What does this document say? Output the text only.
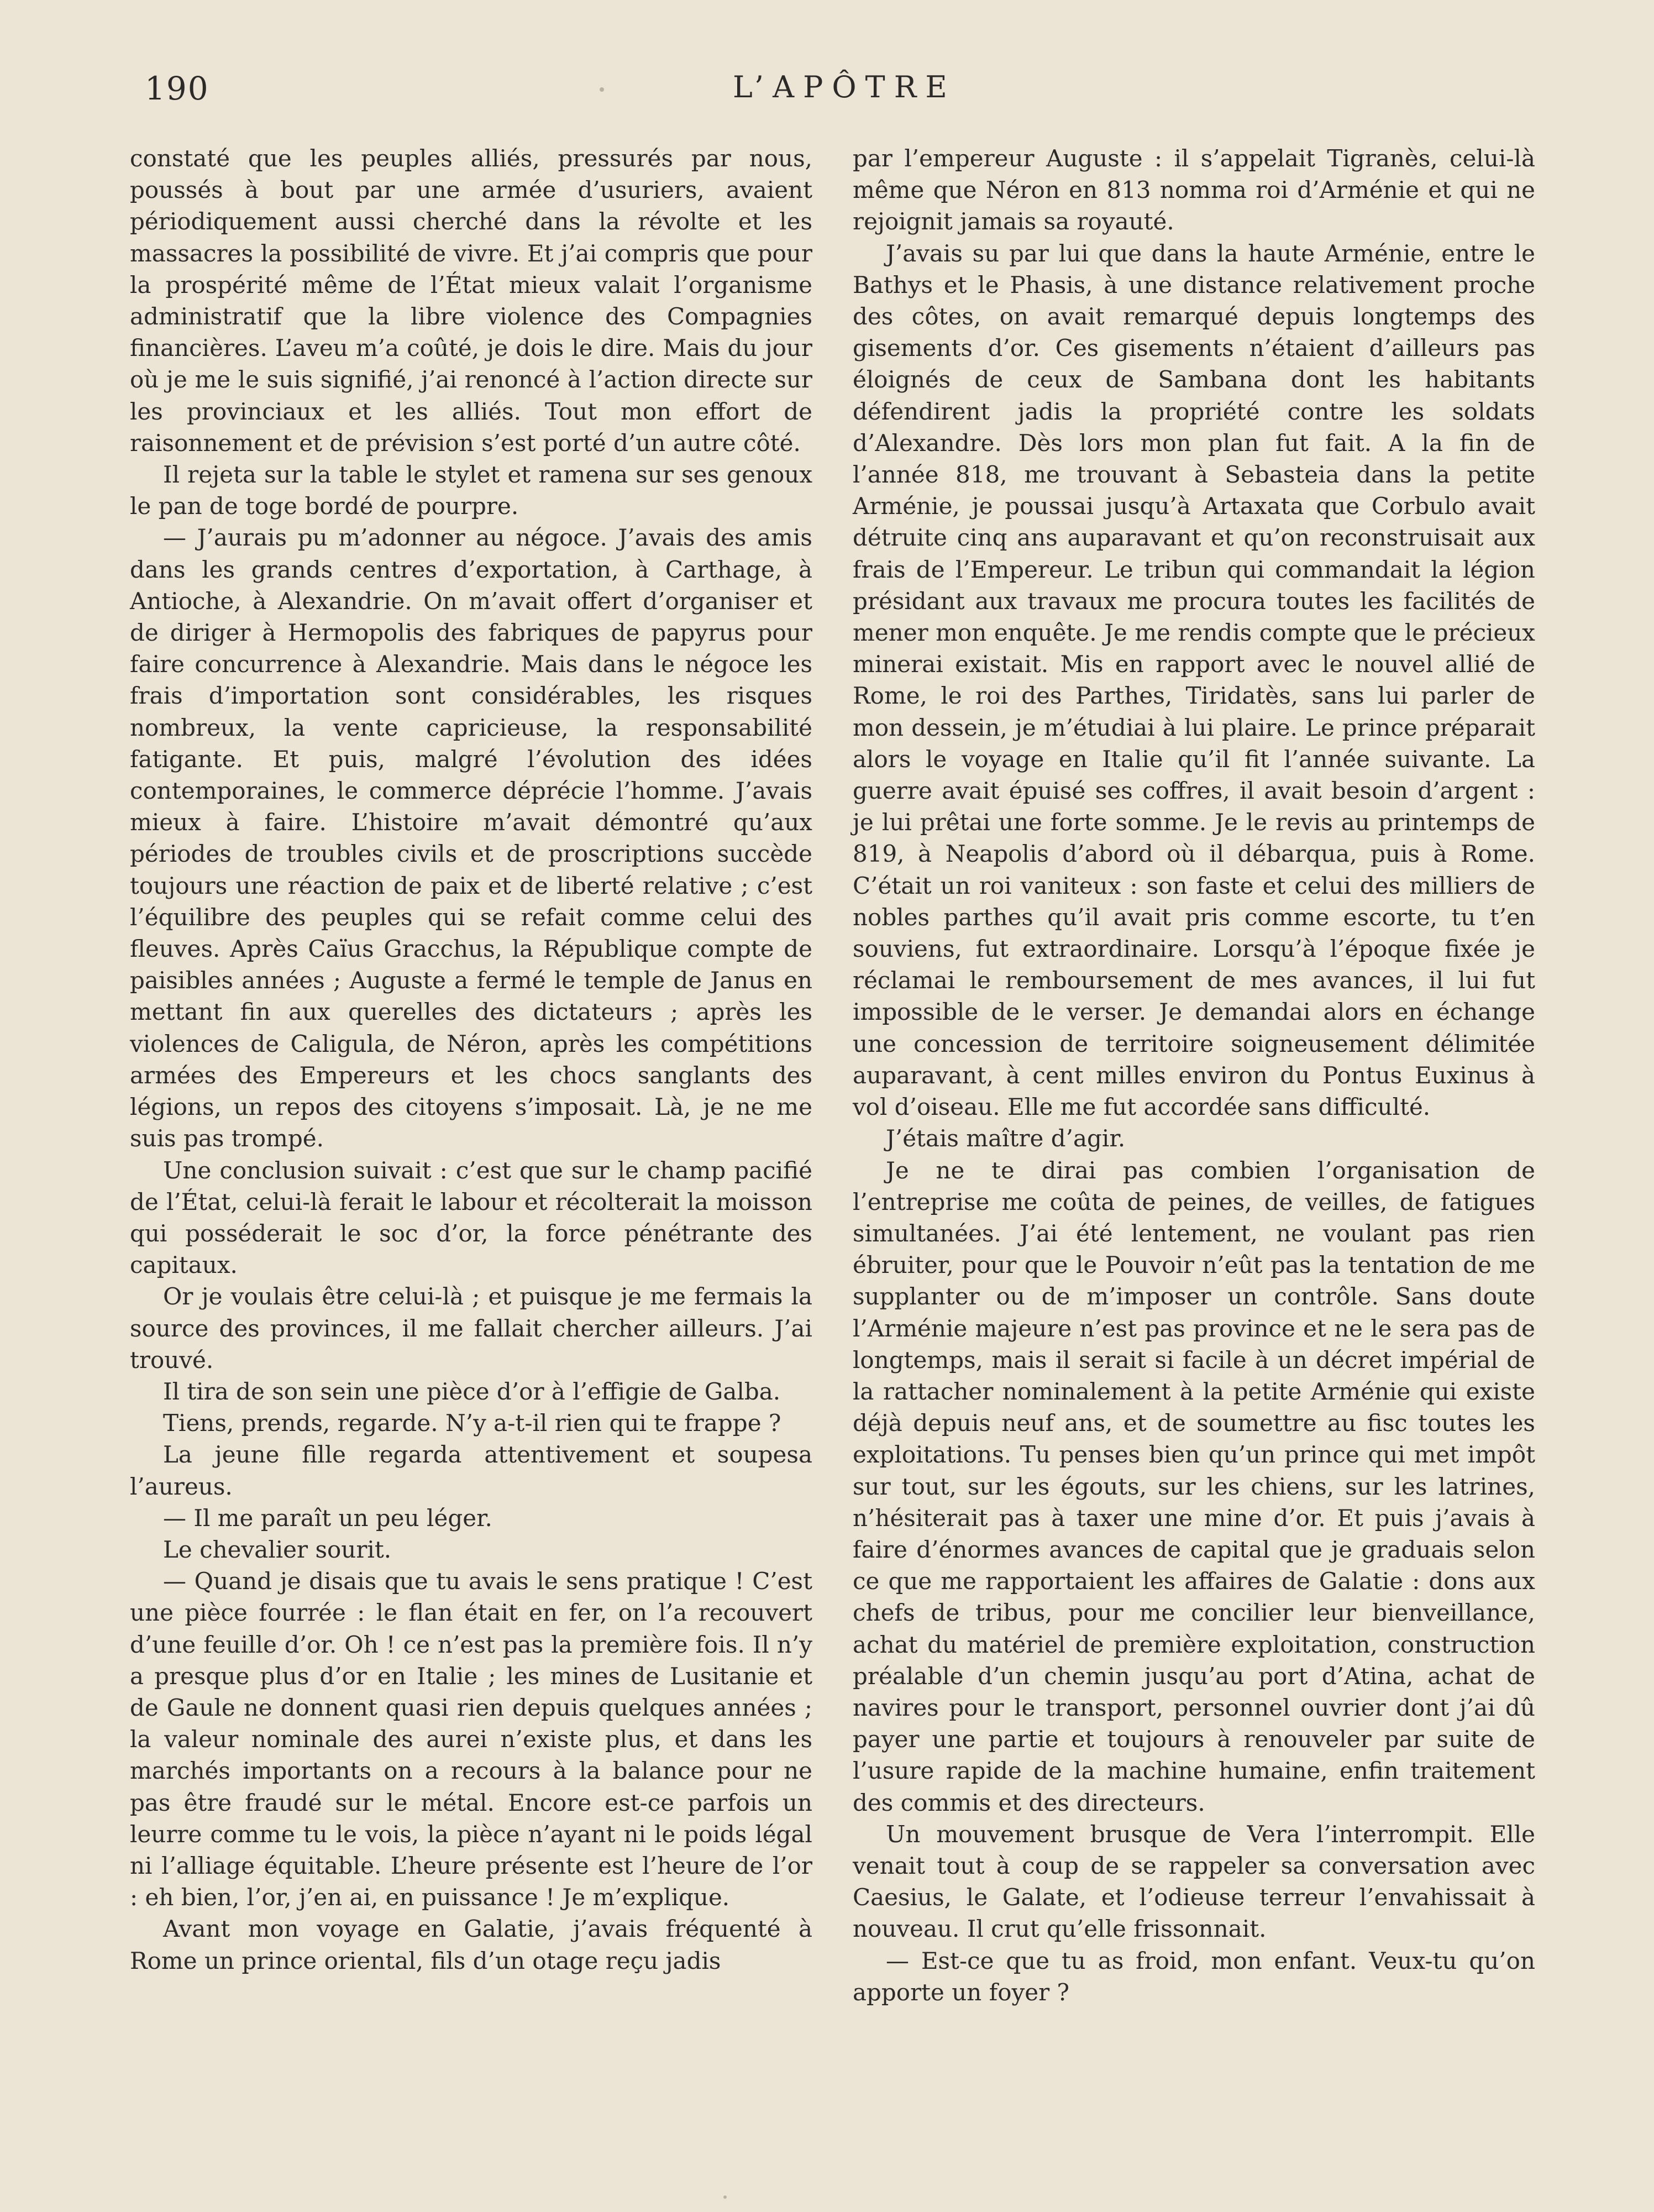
190	L’APÔTRE

constaté que les peuples alliés, pressurés par nous, poussés à bout par une armée d’usuriers, avaient périodiquement aussi cherché dans la révolte et les massacres la possibilité de vivre. Et j’ai compris que pour la prospérité même de l’État mieux valait l’organisme administratif que la libre violence des Compagnies financières. L’aveu m’a coûté, je dois le dire. Mais du jour où je me le suis signifié, j’ai renoncé à l’action directe sur les provinciaux et les alliés. Tout mon effort de raisonnement et de prévision s’est porté d’un autre côté.

Il rejeta sur la table le stylet et ramena sur ses genoux le pan de toge bordé de pourpre.

— J’aurais pu m’adonner au négoce. J’avais des amis dans les grands centres d’exportation, à Carthage, à Antioche, à Alexandrie. On m’avait offert d’organiser et de diriger à Hermopolis des fabriques de papyrus pour faire concurrence à Alexandrie. Mais dans le négoce les frais d’importation sont considérables, les risques nombreux, la vente capricieuse, la responsabilité fatigante. Et puis, malgré l’évolution des idées contemporaines, le commerce déprécie l’homme. J’avais mieux à faire. L’histoire m’avait démontré qu’aux périodes de troubles civils et de proscriptions succède toujours une réaction de paix et de liberté relative ; c’est l’équilibre des peuples qui se refait comme celui des fleuves. Après Caïus Gracchus, la République compte de paisibles années ; Auguste a fermé le temple de Janus en mettant fin aux querelles des dictateurs ; après les violences de Caligula, de Néron, après les compétitions armées des Empereurs et les chocs sanglants des légions, un repos des citoyens s’imposait. Là, je ne me suis pas trompé.

Une conclusion suivait : c’est que sur le champ pacifié de l’État, celui-là ferait le labour et récolterait la moisson qui posséderait le soc d’or, la force pénétrante des capitaux.

Or je voulais être celui-là ; et puisque je me fermais la source des provinces, il me fallait chercher ailleurs. J’ai trouvé.

Il tira de son sein une pièce d’or à l’effigie de Galba.

Tiens, prends, regarde. N’y a-t-il rien qui te frappe ?

La jeune fille regarda attentivement et soupesa l’aureus.

— Il me paraît un peu léger.

Le chevalier sourit.

— Quand je disais que tu avais le sens pratique ! C’est une pièce fourrée : le flan était en fer, on l’a recouvert d’une feuille d’or. Oh ! ce n’est pas la première fois. Il n’y a presque plus d’or en Italie ; les mines de Lusitanie et de Gaule ne donnent quasi rien depuis quelques années ; la valeur nominale des aurei n’existe plus, et dans les marchés importants on a recours à la balance pour ne pas être fraudé sur le métal. Encore est-ce parfois un leurre comme tu le vois, la pièce n’ayant ni le poids légal ni l’alliage équitable. L’heure présente est l’heure de l’or : eh bien, l’or, j’en ai, en puissance ! Je m’explique.

Avant mon voyage en Galatie, j’avais fréquenté à Rome un prince oriental, fils d’un otage reçu jadis

par l’empereur Auguste : il s’appelait Tigranès, celui-là même que Néron en 813 nomma roi d’Arménie et qui ne rejoignit jamais sa royauté.

J’avais su par lui que dans la haute Arménie, entre le Bathys et le Phasis, à une distance relativement proche des côtes, on avait remarqué depuis longtemps des gisements d’or. Ces gisements n’étaient d’ailleurs pas éloignés de ceux de Sambana dont les habitants défendirent jadis la propriété contre les soldats d’Alexandre. Dès lors mon plan fut fait. A la fin de l’année 818, me trouvant à Sebasteia dans la petite Arménie, je poussai jusqu’à Artaxata que Corbulo avait détruite cinq ans auparavant et qu’on reconstruisait aux frais de l’Empereur. Le tribun qui commandait la légion présidant aux travaux me procura toutes les facilités de mener mon enquête. Je me rendis compte que le précieux minerai existait. Mis en rapport avec le nouvel allié de Rome, le roi des Parthes, Tiridatès, sans lui parler de mon dessein, je m’étudiai à lui plaire. Le prince préparait alors le voyage en Italie qu’il fit l’année suivante. La guerre avait épuisé ses coffres, il avait besoin d’argent : je lui prêtai une forte somme. Je le revis au printemps de 819, à Neapolis d’abord où il débarqua, puis à Rome. C’était un roi vaniteux : son faste et celui des milliers de nobles parthes qu’il avait pris comme escorte, tu t’en souviens, fut extraordinaire. Lorsqu’à l’époque fixée je réclamai le remboursement de mes avances, il lui fut impossible de le verser. Je demandai alors en échange une concession de territoire soigneusement délimitée auparavant, à cent milles environ du Pontus Euxinus à vol d’oiseau. Elle me fut accordée sans difficulté.

J’étais maître d’agir.

Je ne te dirai pas combien l’organisation de l’entreprise me coûta de peines, de veilles, de fatigues simultanées. J’ai été lentement, ne voulant pas rien ébruiter, pour que le Pouvoir n’eût pas la tentation de me supplanter ou de m’imposer un contrôle. Sans doute l’Arménie majeure n’est pas province et ne le sera pas de longtemps, mais il serait si facile à un décret impérial de la rattacher nominalement à la petite Arménie qui existe déjà depuis neuf ans, et de soumettre au fisc toutes les exploitations. Tu penses bien qu’un prince qui met impôt sur tout, sur les égouts, sur les chiens, sur les latrines, n’hésiterait pas à taxer une mine d’or. Et puis j’avais à faire d’énormes avances de capital que je graduais selon ce que me rapportaient les affaires de Galatie : dons aux chefs de tribus, pour me concilier leur bienveillance, achat du matériel de première exploitation, construction préalable d’un chemin jusqu’au port d’Atina, achat de navires pour le transport, personnel ouvrier dont j’ai dû payer une partie et toujours à renouveler par suite de l’usure rapide de la machine humaine, enfin traitement des commis et des directeurs.

Un mouvement brusque de Vera l’interrompit. Elle venait tout à coup de se rappeler sa conversation avec Caesius, le Galate, et l’odieuse terreur l’envahissait à nouveau. Il crut qu’elle frissonnait.

— Est-ce que tu as froid, mon enfant. Veux-tu qu’on apporte un foyer ?
